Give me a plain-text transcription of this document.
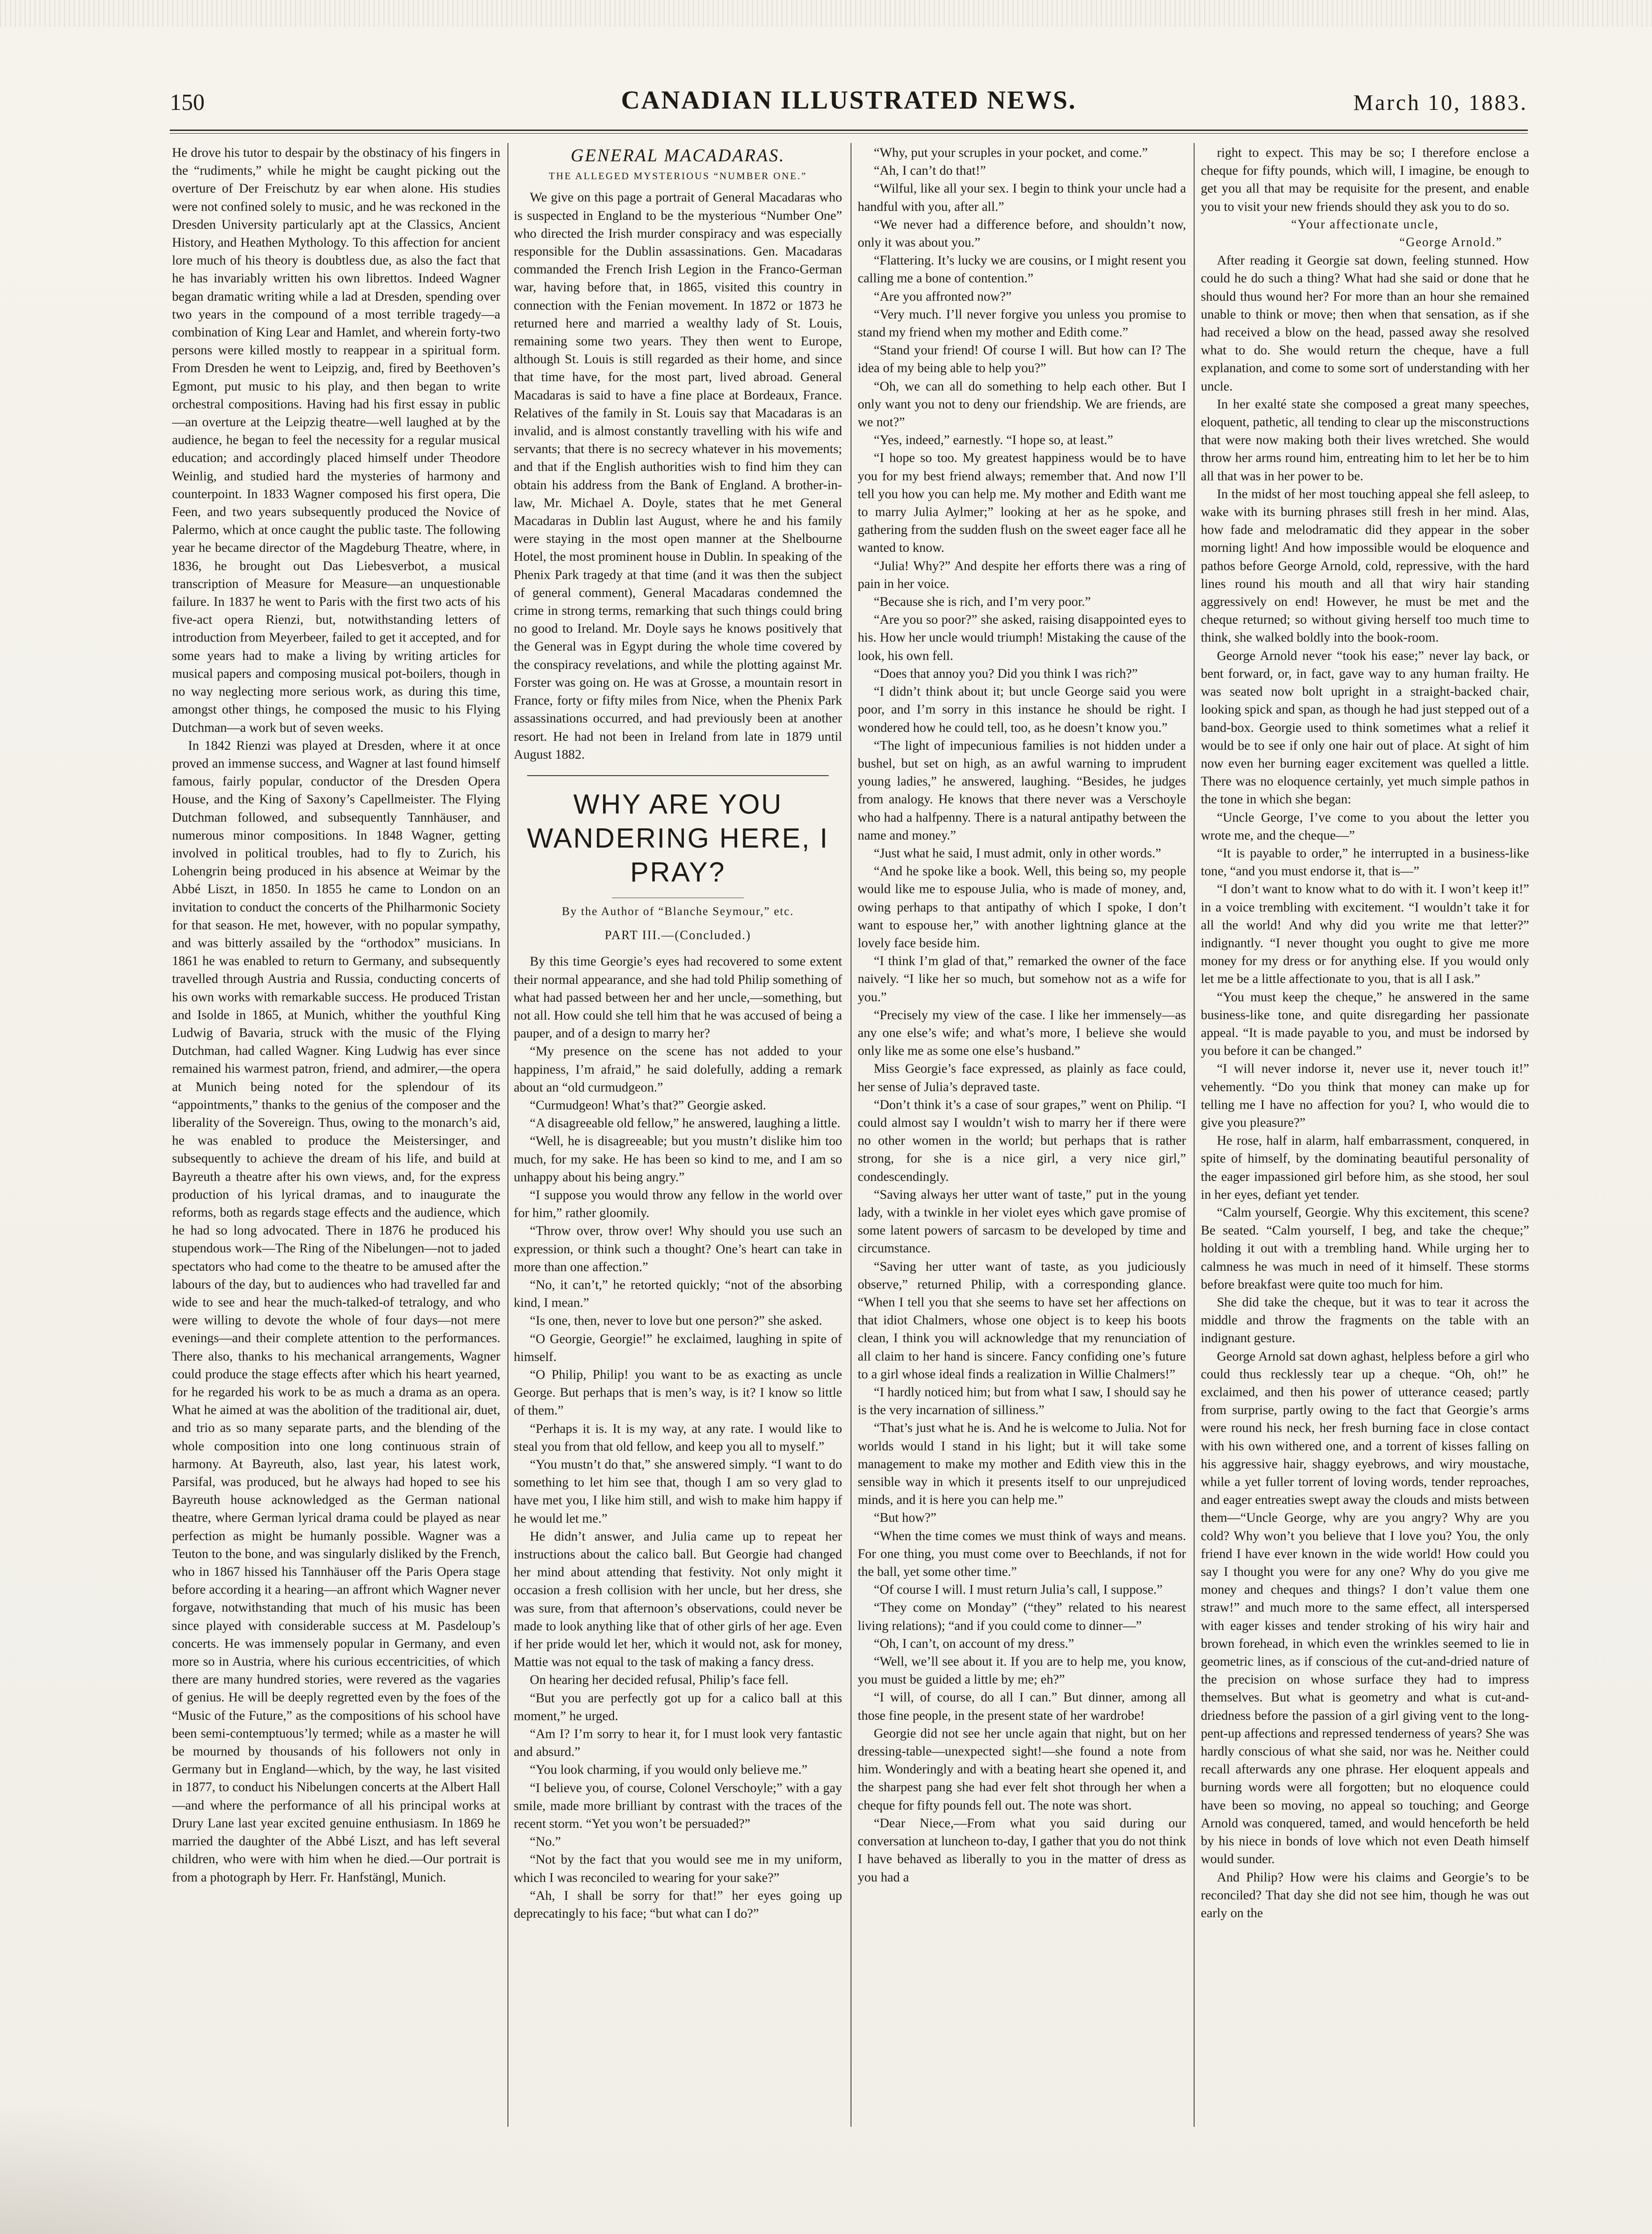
150	CANADIAN ILLUSTRATED NEWS.	March 10, 1883.

He drove his tutor to despair by the obstinacy of his fingers in the “rudiments,” while he might be caught picking out the overture of Der Freischutz by ear when alone. His studies were not confined solely to music, and he was reckoned in the Dresden University particularly apt at the Classics, Ancient History, and Heathen Mythology. To this affection for ancient lore much of his theory is doubtless due, as also the fact that he has invariably written his own librettos. Indeed Wagner began dramatic writing while a lad at Dresden, spending over two years in the compound of a most terrible tragedy—a combination of King Lear and Hamlet, and wherein forty-two persons were killed mostly to reappear in a spiritual form. From Dresden he went to Leipzig, and, fired by Beethoven’s Egmont, put music to his play, and then began to write orchestral compositions. Having had his first essay in public—an overture at the Leipzig theatre—well laughed at by the audience, he began to feel the necessity for a regular musical education; and accordingly placed himself under Theodore Weinlig, and studied hard the mysteries of harmony and counterpoint. In 1833 Wagner composed his first opera, Die Feen, and two years subsequently produced the Novice of Palermo, which at once caught the public taste. The following year he became director of the Magdeburg Theatre, where, in 1836, he brought out Das Liebesverbot, a musical transcription of Measure for Measure—an unquestionable failure. In 1837 he went to Paris with the first two acts of his five-act opera Rienzi, but, notwithstanding letters of introduction from Meyerbeer, failed to get it accepted, and for some years had to make a living by writing articles for musical papers and composing musical pot-boilers, though in no way neglecting more serious work, as during this time, amongst other things, he composed the music to his Flying Dutchman—a work but of seven weeks.

In 1842 Rienzi was played at Dresden, where it at once proved an immense success, and Wagner at last found himself famous, fairly popular, conductor of the Dresden Opera House, and the King of Saxony’s Capellmeister. The Flying Dutchman followed, and subsequently Tannhäuser, and numerous minor compositions. In 1848 Wagner, getting involved in political troubles, had to fly to Zurich, his Lohengrin being produced in his absence at Weimar by the Abbé Liszt, in 1850. In 1855 he came to London on an invitation to conduct the concerts of the Philharmonic Society for that season. He met, however, with no popular sympathy, and was bitterly assailed by the “orthodox” musicians. In 1861 he was enabled to return to Germany, and subsequently travelled through Austria and Russia, conducting concerts of his own works with remarkable success. He produced Tristan and Isolde in 1865, at Munich, whither the youthful King Ludwig of Bavaria, struck with the music of the Flying Dutchman, had called Wagner. King Ludwig has ever since remained his warmest patron, friend, and admirer,—the opera at Munich being noted for the splendour of its “appointments,” thanks to the genius of the composer and the liberality of the Sovereign. Thus, owing to the monarch’s aid, he was enabled to produce the Meistersinger, and subsequently to achieve the dream of his life, and build at Bayreuth a theatre after his own views, and, for the express production of his lyrical dramas, and to inaugurate the reforms, both as regards stage effects and the audience, which he had so long advocated. There in 1876 he produced his stupendous work—The Ring of the Nibelungen—not to jaded spectators who had come to the theatre to be amused after the labours of the day, but to audiences who had travelled far and wide to see and hear the much-talked-of tetralogy, and who were willing to devote the whole of four days—not mere evenings—and their complete attention to the performances. There also, thanks to his mechanical arrangements, Wagner could produce the stage effects after which his heart yearned, for he regarded his work to be as much a drama as an opera. What he aimed at was the abolition of the traditional air, duet, and trio as so many separate parts, and the blending of the whole composition into one long continuous strain of harmony. At Bayreuth, also, last year, his latest work, Parsifal, was produced, but he always had hoped to see his Bayreuth house acknowledged as the German national theatre, where German lyrical drama could be played as near perfection as might be humanly possible. Wagner was a Teuton to the bone, and was singularly disliked by the French, who in 1867 hissed his Tannhäuser off the Paris Opera stage before according it a hearing—an affront which Wagner never forgave, notwithstanding that much of his music has been since played with considerable success at M. Pasdeloup’s concerts. He was immensely popular in Germany, and even more so in Austria, where his curious eccentricities, of which there are many hundred stories, were revered as the vagaries of genius. He will be deeply regretted even by the foes of the “Music of the Future,” as the compositions of his school have been semi-contemptuous’ly termed; while as a master he will be mourned by thousands of his followers not only in Germany but in England—which, by the way, he last visited in 1877, to conduct his Nibelungen concerts at the Albert Hall—and where the performance of all his principal works at Drury Lane last year excited genuine enthusiasm. In 1869 he married the daughter of the Abbé Liszt, and has left several children, who were with him when he died.—Our portrait is from a photograph by Herr. Fr. Hanfstängl, Munich.

GENERAL MACADARAS.
THE ALLEGED MYSTERIOUS “NUMBER ONE.”

We give on this page a portrait of General Macadaras who is suspected in England to be the mysterious “Number One” who directed the Irish murder conspiracy and was especially responsible for the Dublin assassinations. Gen. Macadaras commanded the French Irish Legion in the Franco-German war, having before that, in 1865, visited this country in connection with the Fenian movement. In 1872 or 1873 he returned here and married a wealthy lady of St. Louis, remaining some two years. They then went to Europe, although St. Louis is still regarded as their home, and since that time have, for the most part, lived abroad. General Macadaras is said to have a fine place at Bordeaux, France. Relatives of the family in St. Louis say that Macadaras is an invalid, and is almost constantly travelling with his wife and servants; that there is no secrecy whatever in his movements; and that if the English authorities wish to find him they can obtain his address from the Bank of England. A brother-in-law, Mr. Michael A. Doyle, states that he met General Macadaras in Dublin last August, where he and his family were staying in the most open manner at the Shelbourne Hotel, the most prominent house in Dublin. In speaking of the Phenix Park tragedy at that time (and it was then the subject of general comment), General Macadaras condemned the crime in strong terms, remarking that such things could bring no good to Ireland. Mr. Doyle says he knows positively that the General was in Egypt during the whole time covered by the conspiracy revelations, and while the plotting against Mr. Forster was going on. He was at Grosse, a mountain resort in France, forty or fifty miles from Nice, when the Phenix Park assassinations occurred, and had previously been at another resort. He had not been in Ireland from late in 1879 until August 1882.

WHY ARE YOU WANDERING HERE, I PRAY?
By the Author of “Blanche Seymour,” etc.
PART III.—(Concluded.)

By this time Georgie’s eyes had recovered to some extent their normal appearance, and she had told Philip something of what had passed between her and her uncle,—something, but not all. How could she tell him that he was accused of being a pauper, and of a design to marry her?

“My presence on the scene has not added to your happiness, I’m afraid,” he said dolefully, adding a remark about an “old curmudgeon.”

“Curmudgeon! What’s that?” Georgie asked.

“A disagreeable old fellow,” he answered, laughing a little.

“Well, he is disagreeable; but you mustn’t dislike him too much, for my sake. He has been so kind to me, and I am so unhappy about his being angry.”

“I suppose you would throw any fellow in the world over for him,” rather gloomily.

“Throw over, throw over! Why should you use such an expression, or think such a thought? One’s heart can take in more than one affection.”

“No, it can’t,” he retorted quickly; “not of the absorbing kind, I mean.”

“Is one, then, never to love but one person?” she asked.

“O Georgie, Georgie!” he exclaimed, laughing in spite of himself.

“O Philip, Philip! you want to be as exacting as uncle George. But perhaps that is men’s way, is it? I know so little of them.”

“Perhaps it is. It is my way, at any rate. I would like to steal you from that old fellow, and keep you all to myself.”

“You mustn’t do that,” she answered simply. “I want to do something to let him see that, though I am so very glad to have met you, I like him still, and wish to make him happy if he would let me.”

He didn’t answer, and Julia came up to repeat her instructions about the calico ball. But Georgie had changed her mind about attending that festivity. Not only might it occasion a fresh collision with her uncle, but her dress, she was sure, from that afternoon’s observations, could never be made to look anything like that of other girls of her age. Even if her pride would let her, which it would not, ask for money, Mattie was not equal to the task of making a fancy dress.

On hearing her decided refusal, Philip’s face fell.

“But you are perfectly got up for a calico ball at this moment,” he urged.

“Am I? I’m sorry to hear it, for I must look very fantastic and absurd.”

“You look charming, if you would only believe me.”

“I believe you, of course, Colonel Verschoyle;” with a gay smile, made more brilliant by contrast with the traces of the recent storm. “Yet you won’t be persuaded?”

“No.”

“Not by the fact that you would see me in my uniform, which I was reconciled to wearing for your sake?”

“Ah, I shall be sorry for that!” her eyes going up deprecatingly to his face; “but what can I do?”

“Why, put your scruples in your pocket, and come.”

“Ah, I can’t do that!”

“Wilful, like all your sex. I begin to think your uncle had a handful with you, after all.”

“We never had a difference before, and shouldn’t now, only it was about you.”

“Flattering. It’s lucky we are cousins, or I might resent you calling me a bone of contention.”

“Are you affronted now?”

“Very much. I’ll never forgive you unless you promise to stand my friend when my mother and Edith come.”

“Stand your friend! Of course I will. But how can I? The idea of my being able to help you?”

“Oh, we can all do something to help each other. But I only want you not to deny our friendship. We are friends, are we not?”

“Yes, indeed,” earnestly. “I hope so, at least.”

“I hope so too. My greatest happiness would be to have you for my best friend always; remember that. And now I’ll tell you how you can help me. My mother and Edith want me to marry Julia Aylmer;” looking at her as he spoke, and gathering from the sudden flush on the sweet eager face all he wanted to know.

“Julia! Why?” And despite her efforts there was a ring of pain in her voice.

“Because she is rich, and I’m very poor.”

“Are you so poor?” she asked, raising disappointed eyes to his. How her uncle would triumph! Mistaking the cause of the look, his own fell.

“Does that annoy you? Did you think I was rich?”

“I didn’t think about it; but uncle George said you were poor, and I’m sorry in this instance he should be right. I wondered how he could tell, too, as he doesn’t know you.”

“The light of impecunious families is not hidden under a bushel, but set on high, as an awful warning to imprudent young ladies,” he answered, laughing. “Besides, he judges from analogy. He knows that there never was a Verschoyle who had a halfpenny. There is a natural antipathy between the name and money.”

“Just what he said, I must admit, only in other words.”

“And he spoke like a book. Well, this being so, my people would like me to espouse Julia, who is made of money, and, owing perhaps to that antipathy of which I spoke, I don’t want to espouse her,” with another lightning glance at the lovely face beside him.

“I think I’m glad of that,” remarked the owner of the face naively. “I like her so much, but somehow not as a wife for you.”

“Precisely my view of the case. I like her immensely—as any one else’s wife; and what’s more, I believe she would only like me as some one else’s husband.”

Miss Georgie’s face expressed, as plainly as face could, her sense of Julia’s depraved taste.

“Don’t think it’s a case of sour grapes,” went on Philip. “I could almost say I wouldn’t wish to marry her if there were no other women in the world; but perhaps that is rather strong, for she is a nice girl, a very nice girl,” condescendingly.

“Saving always her utter want of taste,” put in the young lady, with a twinkle in her violet eyes which gave promise of some latent powers of sarcasm to be developed by time and circumstance.

“Saving her utter want of taste, as you judiciously observe,” returned Philip, with a corresponding glance. “When I tell you that she seems to have set her affections on that idiot Chalmers, whose one object is to keep his boots clean, I think you will acknowledge that my renunciation of all claim to her hand is sincere. Fancy confiding one’s future to a girl whose ideal finds a realization in Willie Chalmers!”

“I hardly noticed him; but from what I saw, I should say he is the very incarnation of silliness.”

“That’s just what he is. And he is welcome to Julia. Not for worlds would I stand in his light; but it will take some management to make my mother and Edith view this in the sensible way in which it presents itself to our unprejudiced minds, and it is here you can help me.”

“But how?”

“When the time comes we must think of ways and means. For one thing, you must come over to Beechlands, if not for the ball, yet some other time.”

“Of course I will. I must return Julia’s call, I suppose.”

“They come on Monday” (“they” related to his nearest living relations); “and if you could come to dinner—”

“Oh, I can’t, on account of my dress.”

“Well, we’ll see about it. If you are to help me, you know, you must be guided a little by me; eh?”

“I will, of course, do all I can.” But dinner, among all those fine people, in the present state of her wardrobe!

Georgie did not see her uncle again that night, but on her dressing-table—unexpected sight!—she found a note from him. Wonderingly and with a beating heart she opened it, and the sharpest pang she had ever felt shot through her when a cheque for fifty pounds fell out. The note was short.

“Dear Niece,—From what you said during our conversation at luncheon to-day, I gather that you do not think I have behaved as liberally to you in the matter of dress as you had a

right to expect. This may be so; I therefore enclose a cheque for fifty pounds, which will, I imagine, be enough to get you all that may be requisite for the present, and enable you to visit your new friends should they ask you to do so.

“Your affectionate uncle,
“George Arnold.”

After reading it Georgie sat down, feeling stunned. How could he do such a thing? What had she said or done that he should thus wound her? For more than an hour she remained unable to think or move; then when that sensation, as if she had received a blow on the head, passed away she resolved what to do. She would return the cheque, have a full explanation, and come to some sort of understanding with her uncle.

In her exalté state she composed a great many speeches, eloquent, pathetic, all tending to clear up the misconstructions that were now making both their lives wretched. She would throw her arms round him, entreating him to let her be to him all that was in her power to be.

In the midst of her most touching appeal she fell asleep, to wake with its burning phrases still fresh in her mind. Alas, how fade and melodramatic did they appear in the sober morning light! And how impossible would be eloquence and pathos before George Arnold, cold, repressive, with the hard lines round his mouth and all that wiry hair standing aggressively on end! However, he must be met and the cheque returned; so without giving herself too much time to think, she walked boldly into the book-room.

George Arnold never “took his ease;” never lay back, or bent forward, or, in fact, gave way to any human frailty. He was seated now bolt upright in a straight-backed chair, looking spick and span, as though he had just stepped out of a band-box. Georgie used to think sometimes what a relief it would be to see if only one hair out of place. At sight of him now even her burning eager excitement was quelled a little. There was no eloquence certainly, yet much simple pathos in the tone in which she began:

“Uncle George, I’ve come to you about the letter you wrote me, and the cheque—”

“It is payable to order,” he interrupted in a business-like tone, “and you must endorse it, that is—”

“I don’t want to know what to do with it. I won’t keep it!” in a voice trembling with excitement. “I wouldn’t take it for all the world! And why did you write me that letter?” indignantly. “I never thought you ought to give me more money for my dress or for anything else. If you would only let me be a little affectionate to you, that is all I ask.”

“You must keep the cheque,” he answered in the same business-like tone, and quite disregarding her passionate appeal. “It is made payable to you, and must be indorsed by you before it can be changed.”

“I will never indorse it, never use it, never touch it!” vehemently. “Do you think that money can make up for telling me I have no affection for you? I, who would die to give you pleasure?”

He rose, half in alarm, half embarrassment, conquered, in spite of himself, by the dominating beautiful personality of the eager impassioned girl before him, as she stood, her soul in her eyes, defiant yet tender.

“Calm yourself, Georgie. Why this excitement, this scene? Be seated. “Calm yourself, I beg, and take the cheque;” holding it out with a trembling hand. While urging her to calmness he was much in need of it himself. These storms before breakfast were quite too much for him.

She did take the cheque, but it was to tear it across the middle and throw the fragments on the table with an indignant gesture.

George Arnold sat down aghast, helpless before a girl who could thus recklessly tear up a cheque. “Oh, oh!” he exclaimed, and then his power of utterance ceased; partly from surprise, partly owing to the fact that Georgie’s arms were round his neck, her fresh burning face in close contact with his own withered one, and a torrent of kisses falling on his aggressive hair, shaggy eyebrows, and wiry moustache, while a yet fuller torrent of loving words, tender reproaches, and eager entreaties swept away the clouds and mists between them—“Uncle George, why are you angry? Why are you cold? Why won’t you believe that I love you? You, the only friend I have ever known in the wide world! How could you say I thought you were for any one? Why do you give me money and cheques and things? I don’t value them one straw!” and much more to the same effect, all interspersed with eager kisses and tender stroking of his wiry hair and brown forehead, in which even the wrinkles seemed to lie in geometric lines, as if conscious of the cut-and-dried nature of the precision on whose surface they had to impress themselves. But what is geometry and what is cut-and-driedness before the passion of a girl giving vent to the long-pent-up affections and repressed tenderness of years? She was hardly conscious of what she said, nor was he. Neither could recall afterwards any one phrase. Her eloquent appeals and burning words were all forgotten; but no eloquence could have been so moving, no appeal so touching; and George Arnold was conquered, tamed, and would henceforth be held by his niece in bonds of love which not even Death himself would sunder.

And Philip? How were his claims and Georgie’s to be reconciled? That day she did not see him, though he was out early on the
